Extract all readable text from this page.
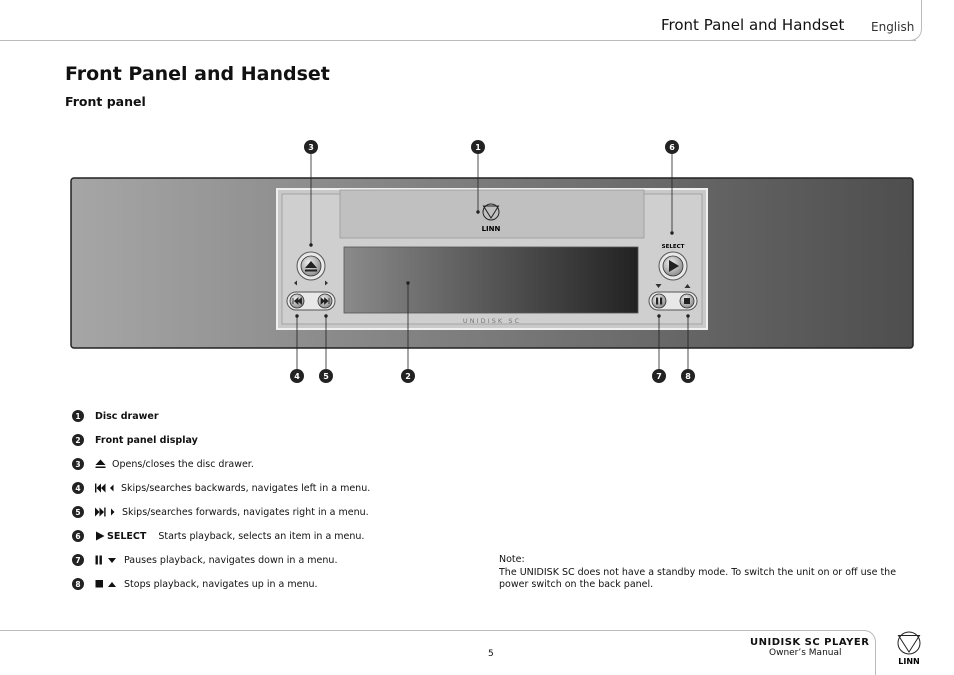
Front Panel and Handset English
Front Panel and Handset
Front panel
LINN
U N I D I S K   S C
SELECT
3	1	6
4	5	2	7	8
1	Disc drawer
2	Front panel display
3	Opens/closes the disc drawer.
4	Skips/searches backwards, navigates left in a menu.
5	Skips/searches forwards, navigates right in a menu.
6	SELECT Starts playback, selects an item in a menu.
7	Pauses playback, navigates down in a menu.
8	Stops playback, navigates up in a menu.
Note:
The UNIDISK SC does not have a standby mode. To switch the unit on or off use the power switch on the back panel.
5
UNIDISK SC PLAYER
Owner’s Manual
LINN
